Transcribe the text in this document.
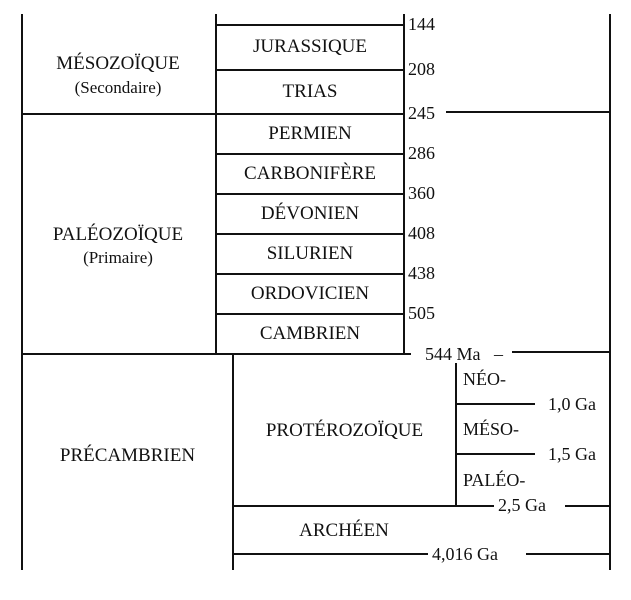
MÉSOZOÏQUE
(Secondaire)
PALÉOZOÏQUE
(Primaire)
PRÉCAMBRIEN
JURASSIQUE
TRIAS
PERMIEN
CARBONIFÈRE
DÉVONIEN
SILURIEN
ORDOVICIEN
CAMBRIEN
144
208
245
286
360
408
438
505
544 Ma –
PROTÉROZOÏQUE
NÉO-
MÉSO-
PALÉO-
1,0 Ga
1,5 Ga
2,5 Ga
ARCHÉEN
4,016 Ga
